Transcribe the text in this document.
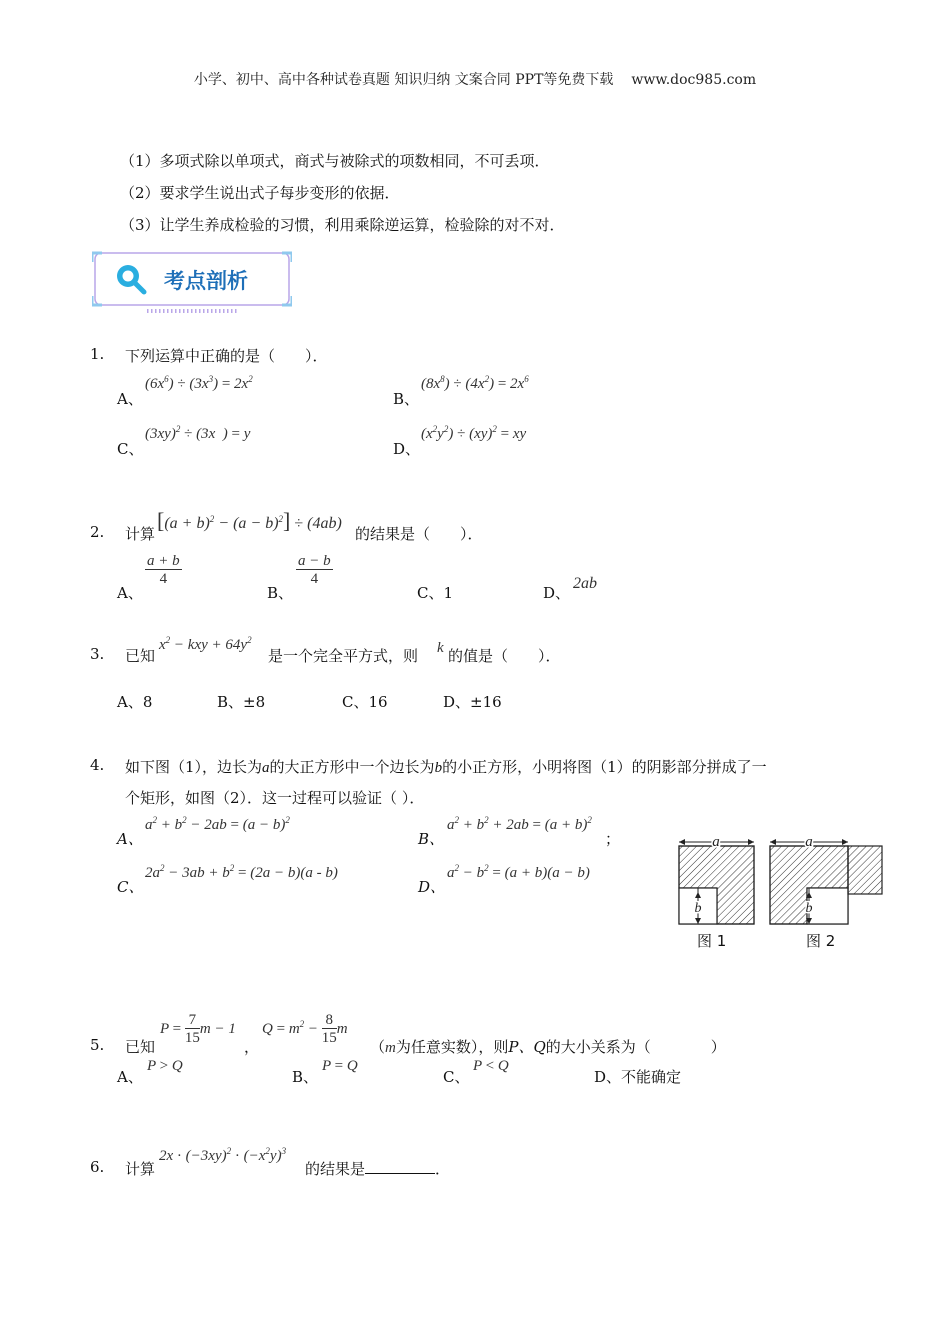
小学、初中、高中各种试卷真题 知识归纳 文案合同 PPT等免费下载 www.doc985.com
（1）多项式除以单项式，商式与被除式的项数相同，不可丢项．
（2）要求学生说出式子每步变形的依据．
（3）让学生养成检验的习惯，利用乘除逆运算，检验除的对不对．
考点剖析
1. 下列运算中正确的是（　　）．
A、
$(6x^6) \div (3x^3) = 2x^2$
B、
$(8x^8) \div (4x^2) = 2x^6$
C、
$(3xy)^2 \div (3x$  ) = y
D、
$(x^2y^2) \div (xy)^2$ = xy
2. 计算
$[(a + b)^2 - (a - b)^2] \div (4ab)$
的结果是（　　）．
A、
$\frac{a + b}{4}$
B、
$\frac{a - b}{4}$
C、1	D、
2ab
3. 已知
$x^2$ − kxy + $64y^2$
是一个完全平方式，则 k 的值是（　　）．
A、8	B、±8	C、16	D、±16
4. 如下图（1），边长为a的大正方形中一个边长为b的小正方形，小明将图（1）的阴影部分拼成了一
个矩形，如图（2）．这一过程可以验证（ ）．
A、
$a^2 + b^2 - 2ab = (a - b)^2$
B、
$a^2 + b^2 + 2ab = (a + b)^2$
；
C、
$2a^2 - 3ab + b^2 = (2a - b)(a - b)$
D、
$a^2 - b^2 = (a + b)(a - b)$
a
b
a
b
图 1	图 2
5. 已知
$P = \frac{7}{15}$ m − 1
，
$Q = m^2 - \frac{8}{15}$ m
（m为任意实数），则P、Q的大小关系为（　　　　）
A、
P > Q
B、
P = Q
C、
P < Q
D、不能确定
6. 计算
$2x \cdot (-3xy)^2 \cdot (-x^2y)^3$
的结果是	．
